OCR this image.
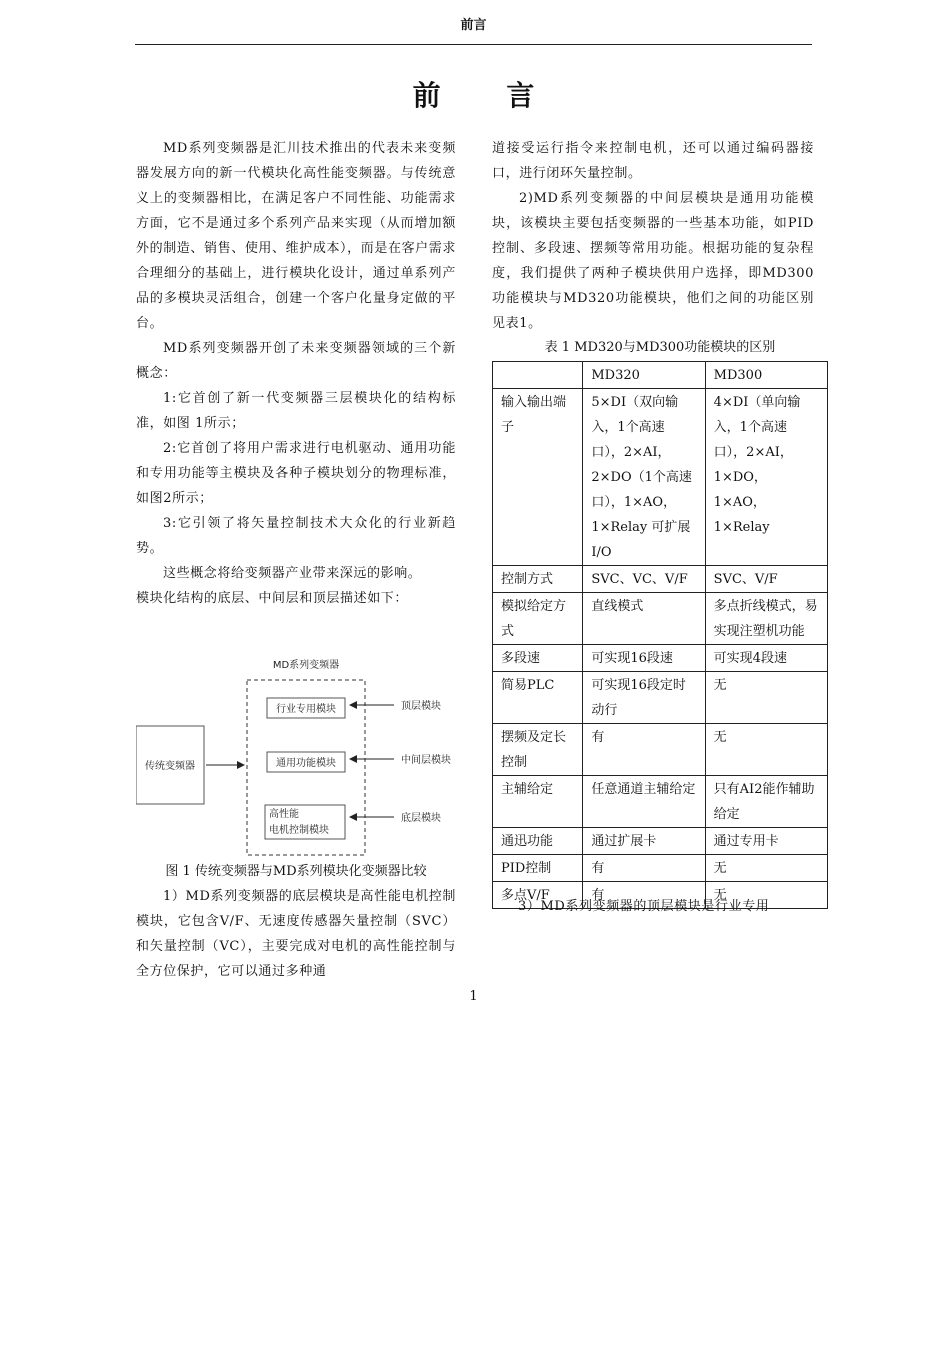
前言
前 言

MD系列变频器是汇川技术推出的代表未来变频器发展方向的新一代模块化高性能变频器。与传统意义上的变频器相比，在满足客户不同性能、功能需求方面，它不是通过多个系列产品来实现（从而增加额外的制造、销售、使用、维护成本），而是在客户需求合理细分的基础上，进行模块化设计，通过单系列产品的多模块灵活组合，创建一个客户化量身定做的平台。

MD系列变频器开创了未来变频器领域的三个新概念：

1:它首创了新一代变频器三层模块化的结构标准，如图 1所示；

2:它首创了将用户需求进行电机驱动、通用功能和专用功能等主模块及各种子模块划分的物理标准，如图2所示；

3:它引领了将矢量控制技术大众化的行业新趋势。

这些概念将给变频器产业带来深远的影响。

模块化结构的底层、中间层和顶层描述如下：

MD系列变频器
传统变频器
行业专用模块
通用功能模块
高性能
电机控制模块
顶层模块
中间层模块
底层模块
图 1 传统变频器与MD系列模块化变频器比较

1）MD系列变频器的底层模块是高性能电机控制模块，它包含V/F、无速度传感器矢量控制（SVC）和矢量控制（VC），主要完成对电机的高性能控制与全方位保护，它可以通过多种通

道接受运行指令来控制电机，还可以通过编码器接口，进行闭环矢量控制。

2)MD系列变频器的中间层模块是通用功能模块，该模块主要包括变频器的一些基本功能，如PID控制、多段速、摆频等常用功能。根据功能的复杂程度，我们提供了两种子模块供用户选择，即MD300功能模块与MD320功能模块，他们之间的功能区别见表1。

表 1 MD320与MD300功能模块的区别
	MD320	MD300
输入输出端子	5×DI（双向输入，1个高速口），2×AI，2×DO（1个高速口），1×AO，1×Relay 可扩展I/O	4×DI（单向输入，1个高速口），2×AI，1×DO，1×AO，1×Relay
控制方式	SVC、VC、V/F	SVC、V/F
模拟给定方式	直线模式	多点折线模式，易实现注塑机功能
多段速	可实现16段速	可实现4段速
简易PLC	可实现16段定时动行	无
摆频及定长控制	有	无
主辅给定	任意通道主辅给定	只有AI2能作辅助给定
通迅功能	通过扩展卡	通过专用卡
PID控制	有	无
多点V/F	有	无

3）MD系列变频器的顶层模块是行业专用

1
